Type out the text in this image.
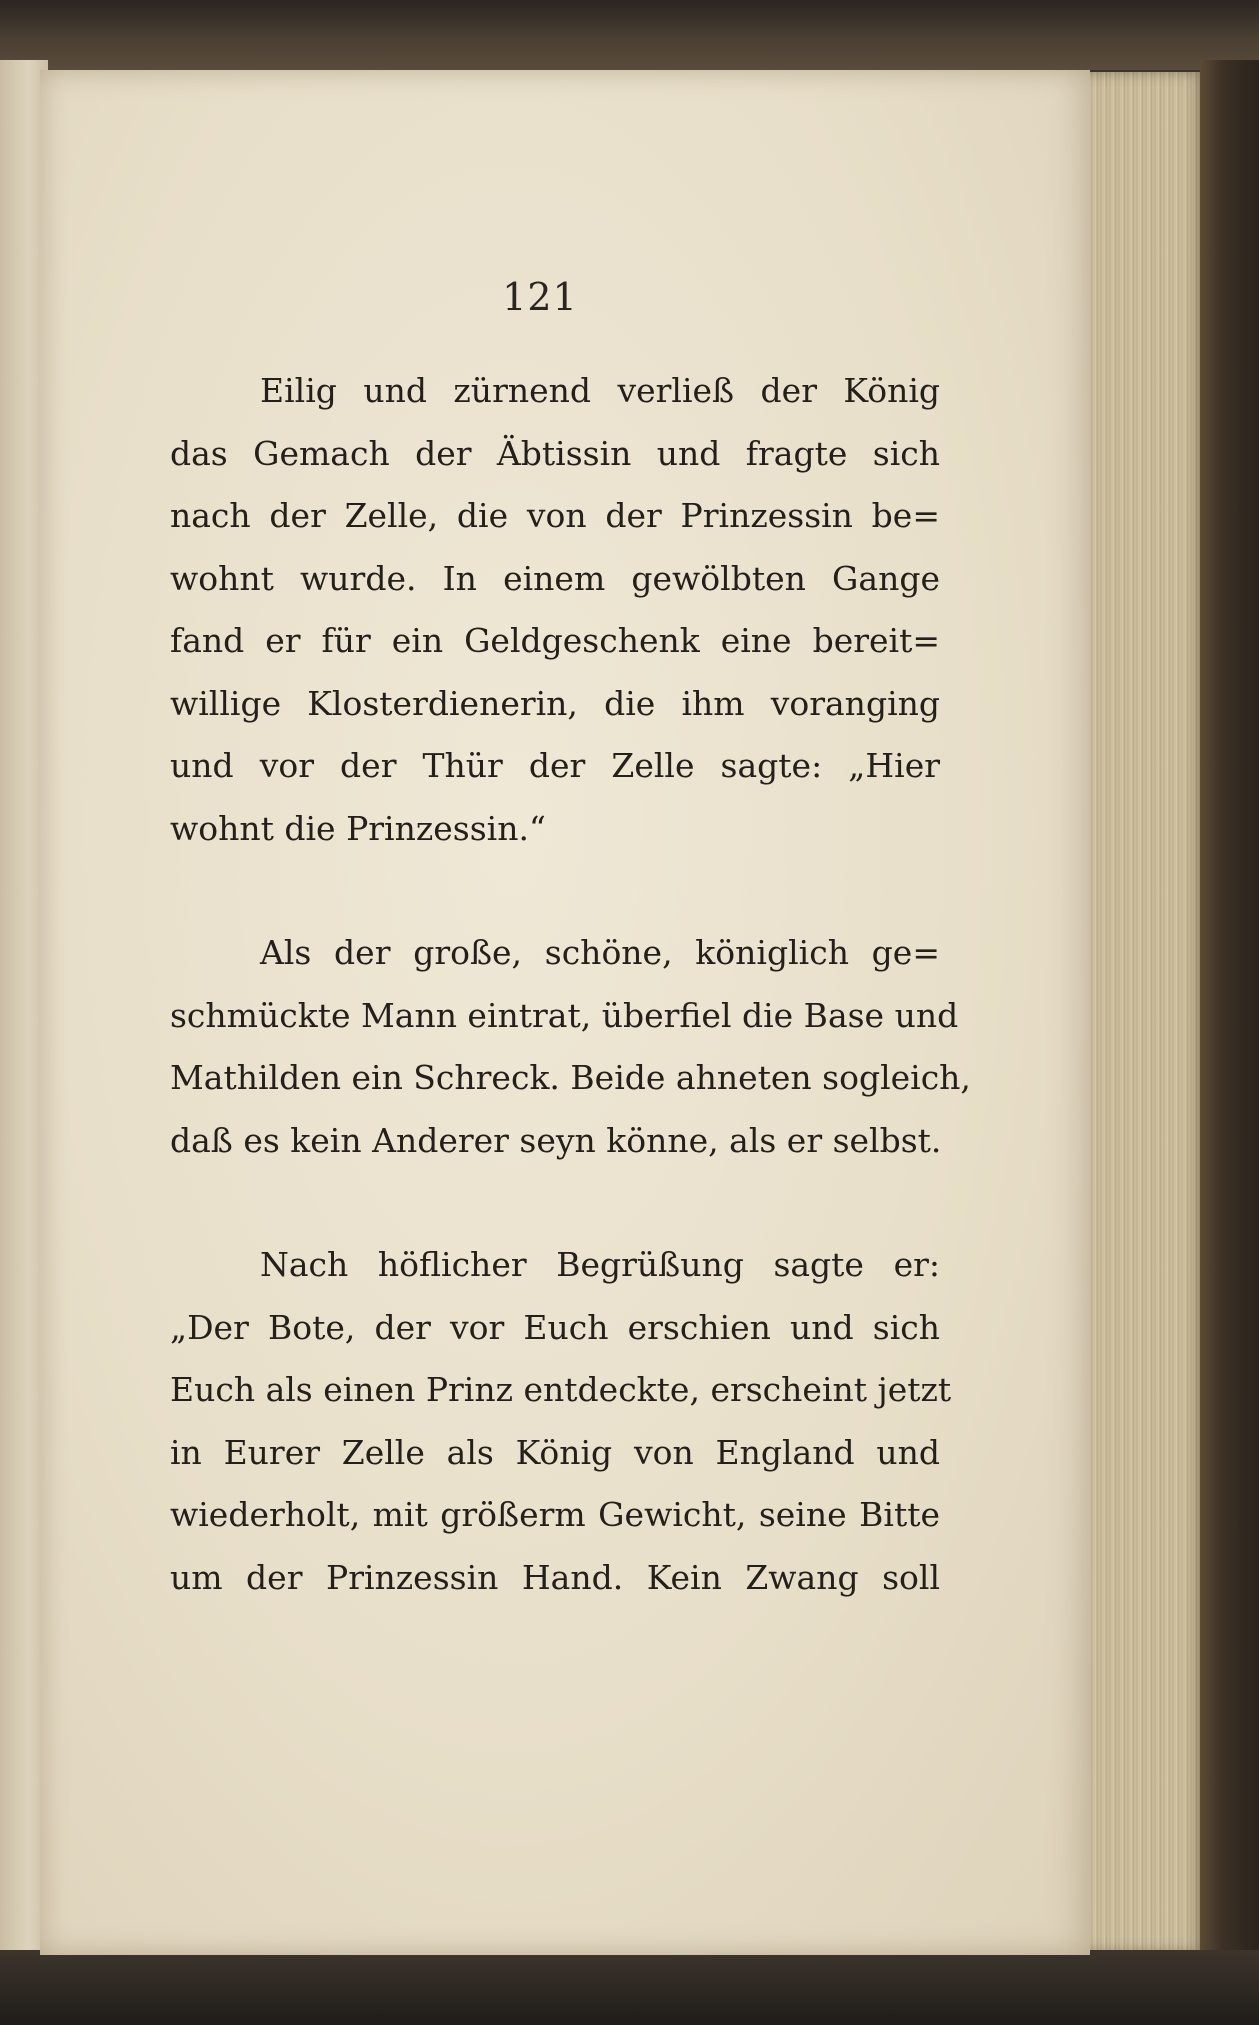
121

Eilig und zürnend verließ der König
das Gemach der Äbtissin und fragte sich
nach der Zelle, die von der Prinzessin be=
wohnt wurde. In einem gewölbten Gange
fand er für ein Geldgeschenk eine bereit=
willige Klosterdienerin, die ihm voranging
und vor der Thür der Zelle sagte: „Hier
wohnt die Prinzessin.“

Als der große, schöne, königlich ge=
schmückte Mann eintrat, überfiel die Base und
Mathilden ein Schreck. Beide ahneten sogleich,
daß es kein Anderer seyn könne, als er selbst.

Nach höflicher Begrüßung sagte er:
„Der Bote, der vor Euch erschien und sich
Euch als einen Prinz entdeckte, erscheint jetzt
in Eurer Zelle als König von England und
wiederholt, mit größerm Gewicht, seine Bitte
um der Prinzessin Hand. Kein Zwang soll
